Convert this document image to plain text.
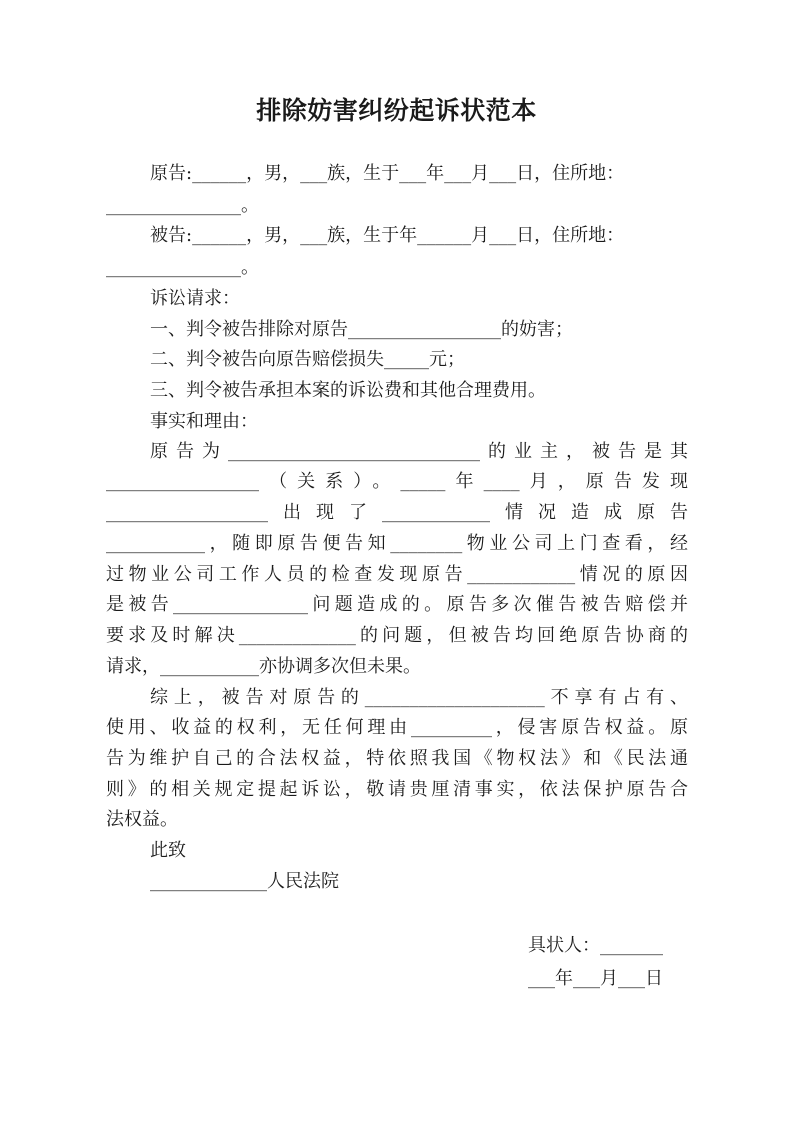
排除妨害纠纷起诉状范本
原告:______，男，___族，生于___年___月___日，住所地：
_______________。
被告:______，男，___族，生于年______月___日，住所地：
_______________。
诉讼请求：
一、判令被告排除对原告_________________的妨害；
二、判令被告向原告赔偿损失_____元；
三、判令被告承担本案的诉讼费和其他合理费用。
事实和理由：
原告为____________________________的业主，被告是其
_________________（关系）。_____年____月，原告发现
__________________出现了____________情况造成原告
___________，随即原告便告知________物业公司上门查看，经
过物业公司工作人员的检查发现原告____________情况的原因
是被告_______________问题造成的。原告多次催告被告赔偿并
要求及时解决_____________的问题，但被告均回绝原告协商的
请求，___________亦协调多次但未果。
综上，被告对原告的____________________不享有占有、
使用、收益的权利，无任何理由_________，侵害原告权益。原
告为维护自己的合法权益，特依照我国《物权法》和《民法通
则》的相关规定提起诉讼，敬请贵厘清事实，依法保护原告合
法权益。
此致
_____________人民法院
具状人：_______
___年___月___日
